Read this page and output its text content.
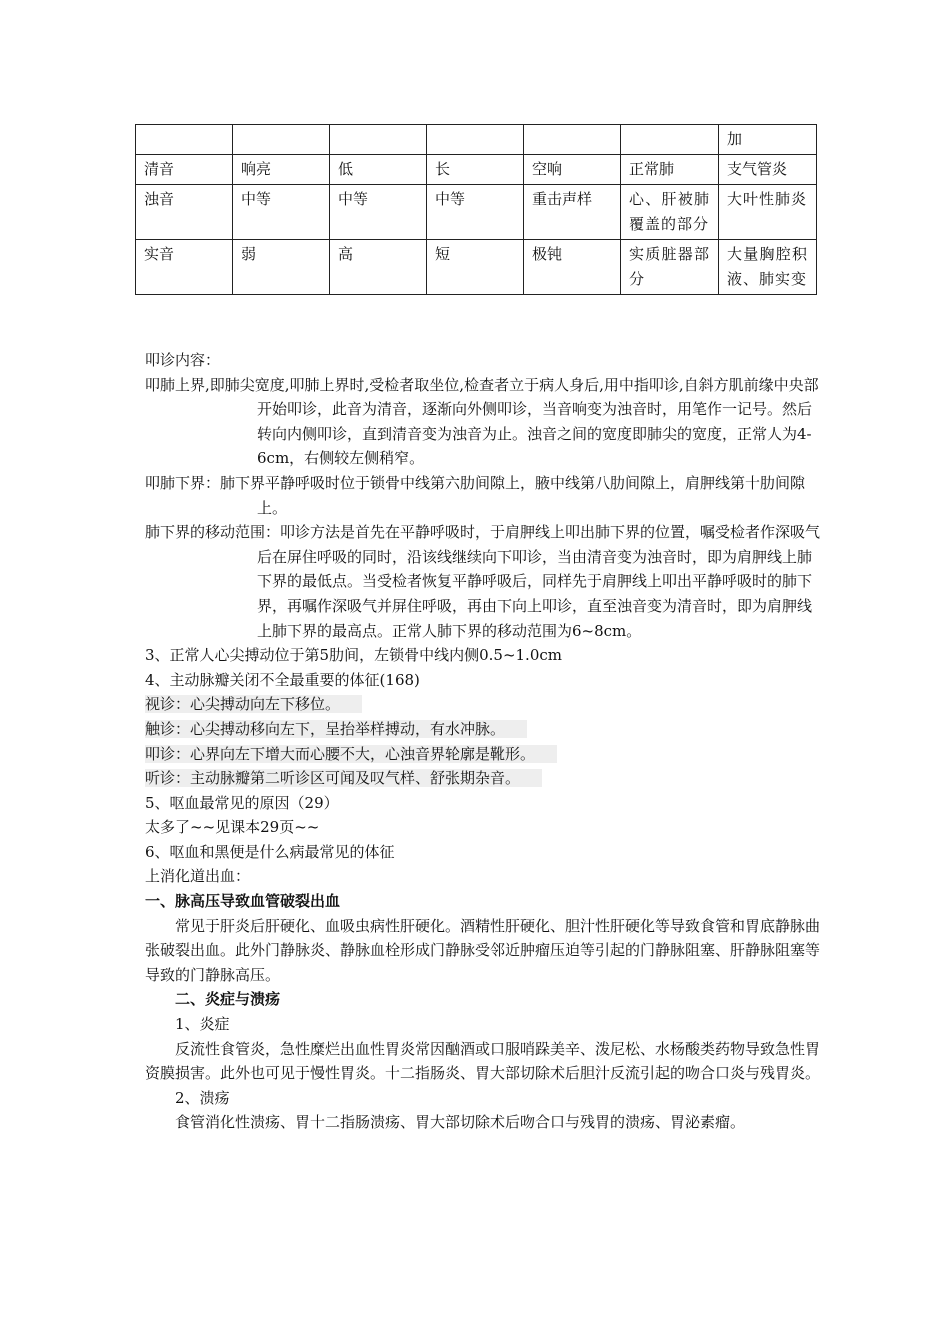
						加
清音	响亮	低	长	空响	正常肺	支气管炎
浊音	中等	中等	中等	重击声样	心、肝被肺覆盖的部分	大叶性肺炎
实音	弱	高	短	极钝	实质脏器部分	大量胸腔积液、肺实变
叩诊内容：
叩肺上界,即肺尖宽度,叩肺上界时,受检者取坐位,检查者立于病人身后,用中指叩诊,自斜方肌前缘中央部开始叩诊，此音为清音，逐渐向外侧叩诊，当音响变为浊音时，用笔作一记号。然后转向内侧叩诊，直到清音变为浊音为止。浊音之间的宽度即肺尖的宽度，正常人为4-6cm，右侧较左侧稍窄。
叩肺下界：肺下界平静呼吸时位于锁骨中线第六肋间隙上，腋中线第八肋间隙上，肩胛线第十肋间隙上。
肺下界的移动范围：叩诊方法是首先在平静呼吸时，于肩胛线上叩出肺下界的位置，嘱受检者作深吸气后在屏住呼吸的同时，沿该线继续向下叩诊，当由清音变为浊音时，即为肩胛线上肺下界的最低点。当受检者恢复平静呼吸后，同样先于肩胛线上叩出平静呼吸时的肺下界，再嘱作深吸气并屏住呼吸，再由下向上叩诊，直至浊音变为清音时，即为肩胛线上肺下界的最高点。正常人肺下界的移动范围为6~8cm。
3、正常人心尖搏动位于第5肋间，左锁骨中线内侧0.5~1.0cm
4、主动脉瓣关闭不全最重要的体征(168)
视诊：心尖搏动向左下移位。
触诊：心尖搏动移向左下，呈抬举样搏动，有水冲脉。
叩诊：心界向左下增大而心腰不大，心浊音界轮廓是靴形。
听诊：主动脉瓣第二听诊区可闻及叹气样、舒张期杂音。
5、呕血最常见的原因（29）
太多了~~见课本29页~~
6、呕血和黑便是什么病最常见的体征
上消化道出血：
一、脉高压导致血管破裂出血
常见于肝炎后肝硬化、血吸虫病性肝硬化。酒精性肝硬化、胆汁性肝硬化等导致食管和胃底静脉曲张破裂出血。此外门静脉炎、静脉血栓形成门静脉受邻近肿瘤压迫等引起的门静脉阻塞、肝静脉阻塞等导致的门静脉高压。
二、炎症与溃疡
1、炎症
反流性食管炎，急性糜烂出血性胃炎常因酗酒或口服哨跺美辛、泼尼松、水杨酸类药物导致急性胃资膜损害。此外也可见于慢性胃炎。十二指肠炎、胃大部切除术后胆汁反流引起的吻合口炎与残胃炎。
2、溃疡
食管消化性溃疡、胃十二指肠溃疡、胃大部切除术后吻合口与残胃的溃疡、胃泌素瘤。
